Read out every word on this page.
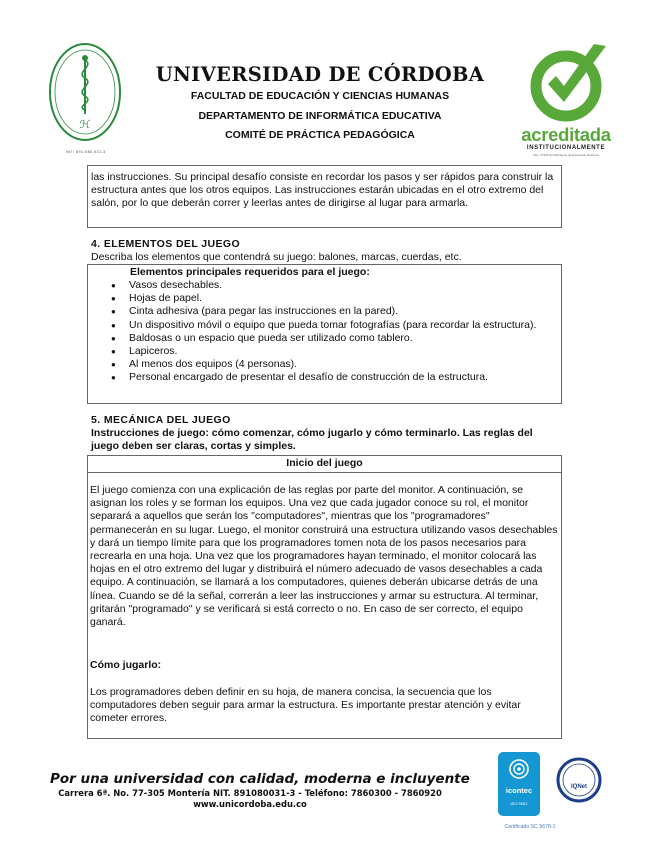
ℋ
NIT: 891.080.031-3
UNIVERSIDAD DE CÓRDOBA
FACULTAD DE EDUCACIÓN Y CIENCIAS HUMANAS
DEPARTAMENTO DE INFORMÁTICA EDUCATIVA
COMITÉ DE PRÁCTICA PEDAGÓGICA	acreditada
INSTITUCIONALMENTE
Res. 07345 del Ministerio de Educación Nacional
las instrucciones. Su principal desafío consiste en recordar los pasos y ser rápidos para construir la estructura antes que los otros equipos. Las instrucciones estarán ubicadas en el otro extremo del salón, por lo que deberán correr y leerlas antes de dirigirse al lugar para armarla.
4. ELEMENTOS DEL JUEGO
Describa los elementos que contendrá su juego: balones, marcas, cuerdas, etc.
Elementos principales requeridos para el juego:
● Vasos desechables.
● Hojas de papel.
● Cinta adhesiva (para pegar las instrucciones en la pared).
● Un dispositivo móvil o equipo que pueda tomar fotografías (para recordar la estructura).
● Baldosas o un espacio que pueda ser utilizado como tablero.
● Lapiceros.
● Al menos dos equipos (4 personas).
● Personal encargado de presentar el desafío de construcción de la estructura.
5. MECÁNICA DEL JUEGO
Instrucciones de juego: cómo comenzar, cómo jugarlo y cómo terminarlo. Las reglas del juego deben ser claras, cortas y simples.
Inicio del juego
El juego comienza con una explicación de las reglas por parte del monitor. A continuación, se asignan los roles y se forman los equipos. Una vez que cada jugador conoce su rol, el monitor separará a aquellos que serán los "computadores", mientras que los "programadores" permanecerán en su lugar. Luego, el monitor construirá una estructura utilizando vasos desechables y dará un tiempo límite para que los programadores tomen nota de los pasos necesarios para recrearla en una hoja. Una vez que los programadores hayan terminado, el monitor colocará las hojas en el otro extremo del lugar y distribuirá el número adecuado de vasos desechables a cada equipo. A continuación, se llamará a los computadores, quienes deberán ubicarse detrás de una línea. Cuando se dé la señal, correrán a leer las instrucciones y armar su estructura. Al terminar, gritarán "programado" y se verificará si está correcto o no. En caso de ser correcto, el equipo ganará.
Cómo jugarlo:
Los programadores deben definir en su hoja, de manera concisa, la secuencia que los computadores deben seguir para armar la estructura. Es importante prestar atención y evitar cometer errores.
Por una universidad con calidad, moderna e incluyente
Carrera 6ª. No. 77-305 Montería NIT. 891080031-3 - Teléfono: 7860300 - 7860920
www.unicordoba.edu.co
icontec
ISO 9001
IQNet
Certificado SC 5678-1
